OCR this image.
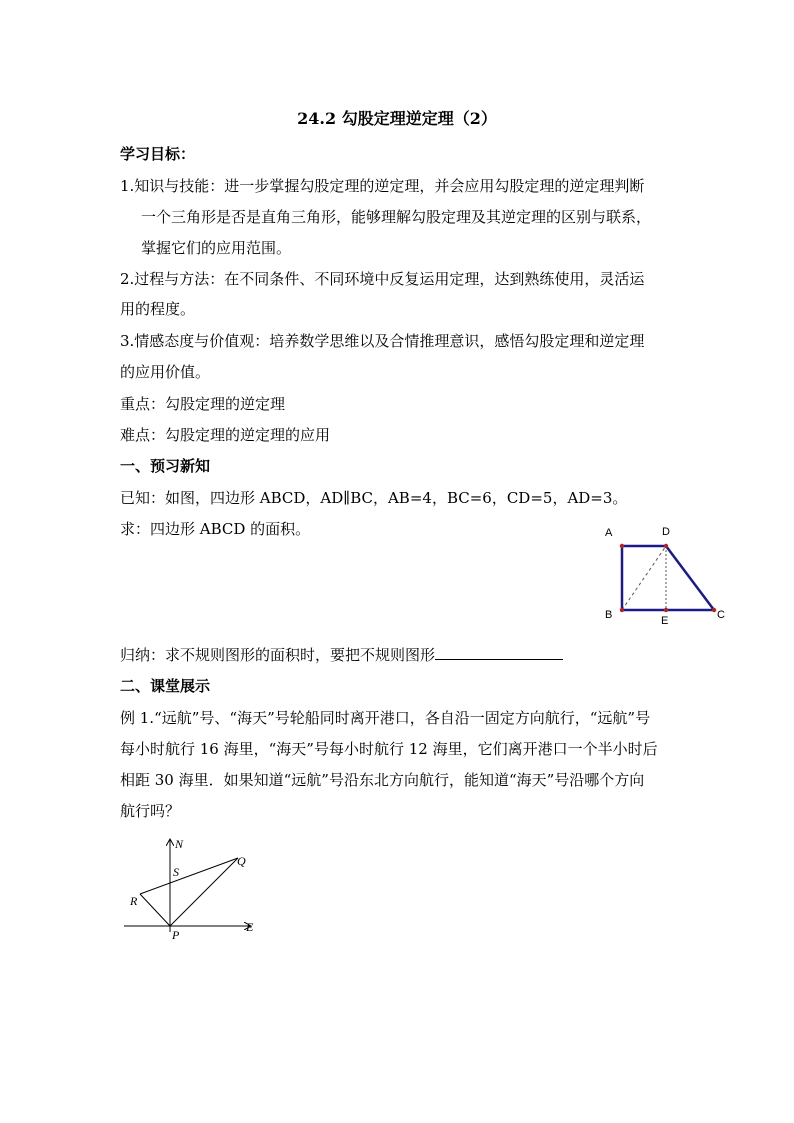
24.2 勾股定理逆定理（2）
学习目标：
1.知识与技能：进一步掌握勾股定理的逆定理，并会应用勾股定理的逆定理判断
一个三角形是否是直角三角形，能够理解勾股定理及其逆定理的区别与联系，
掌握它们的应用范围。
2.过程与方法：在不同条件、不同环境中反复运用定理，达到熟练使用，灵活运
用的程度。
3.情感态度与价值观：培养数学思维以及合情推理意识，感悟勾股定理和逆定理
的应用价值。
重点：勾股定理的逆定理
难点：勾股定理的逆定理的应用
一、预习新知
已知：如图，四边形 ABCD，AD∥BC，AB=4，BC=6，CD=5，AD=3。
求：四边形 ABCD 的面积。	A	D
B	E	C
归纳：求不规则图形的面积时，要把不规则图形
二、课堂展示
例 1.“远航”号、“海天”号轮船同时离开港口，各自沿一固定方向航行，“远航”号
每小时航行 16 海里，“海天”号每小时航行 12 海里，它们离开港口一个半小时后
相距 30 海里．如果知道“远航”号沿东北方向航行，能知道“海天”号沿哪个方向
航行吗？
N
Q
S
R
P
E
